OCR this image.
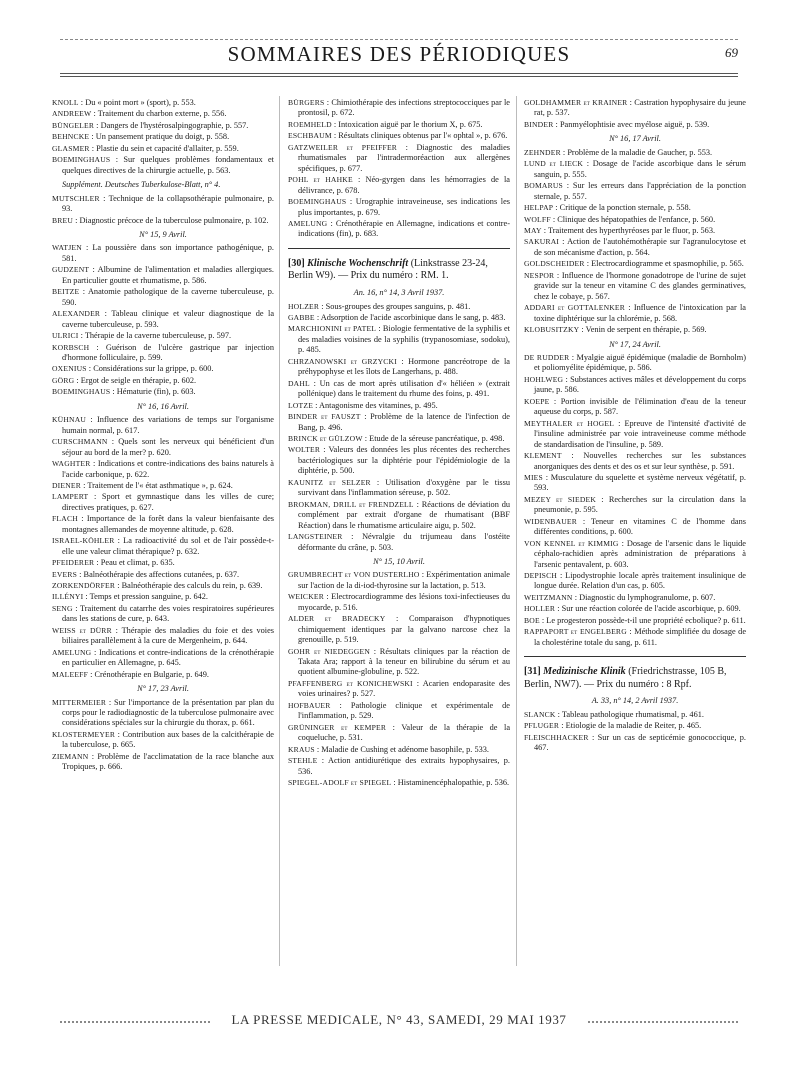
SOMMAIRES DES PÉRIODIQUES	69

KNOLL : Du « point mort » (sport), p. 553.

ANDREEW : Traitement du charbon externe, p. 556.

BÜNGELER : Dangers de l'hystérosalpingographie, p. 557.

BEHNCKE : Un pansement pratique du doigt, p. 558.

GLASMER : Plastie du sein et capacité d'allaiter, p. 559.

BOEMINGHAUS : Sur quelques problèmes fondamentaux et quelques directives de la chirurgie actuelle, p. 563.

Supplément. Deutsches Tuberkulose-Blatt, n° 4.

MUTSCHLER : Technique de la collapsothérapie pulmonaire, p. 93.

BREU : Diagnostic précoce de la tuberculose pulmonaire, p. 102.

N° 15, 9 Avril.

WATJEN : La poussière dans son importance pathogénique, p. 581.

GUDZENT : Albumine de l'alimentation et maladies allergiques. En particulier goutte et rhumatisme, p. 586.

BEITZE : Anatomie pathologique de la caverne tuberculeuse, p. 590.

ALEXANDER : Tableau clinique et valeur diagnostique de la caverne tuberculeuse, p. 593.

ULRICI : Thérapie de la caverne tuberculeuse, p. 597.

KORBSCH : Guérison de l'ulcère gastrique par injection d'hormone folliculaire, p. 599.

OXENIUS : Considérations sur la grippe, p. 600.

GÖRG : Ergot de seigle en thérapie, p. 602.

BOEMINGHAUS : Hématurie (fin), p. 603.

N° 16, 16 Avril.

KÜHNAU : Influence des variations de temps sur l'organisme humain normal, p. 617.

CURSCHMANN : Quels sont les nerveux qui bénéficient d'un séjour au bord de la mer? p. 620.

WAGHTER : Indications et contre-indications des bains naturels à l'acide carbonique, p. 622.

DIENER : Traitement de l'« état asthmatique », p. 624.

LAMPERT : Sport et gymnastique dans les villes de cure; directives pratiques, p. 627.

FLACH : Importance de la forêt dans la valeur bienfaisante des montagnes allemandes de moyenne altitude, p. 628.

ISRAEL-KÖHLER : La radioactivité du sol et de l'air possède-t-elle une valeur climat thérapique? p. 632.

PFEIDERER : Peau et climat, p. 635.

EVERS : Balnéothérapie des affections cutanées, p. 637.

ZORKENDÖRFER : Balnéothérapie des calculs du rein, p. 639.

ILLÉNYI : Temps et pression sanguine, p. 642.

SENG : Traitement du catarrhe des voies respiratoires supérieures dans les stations de cure, p. 643.

WEISS et DÜRR : Thérapie des maladies du foie et des voies biliaires parallèlement à la cure de Mergenheim, p. 644.

AMELUNG : Indications et contre-indications de la crénothérapie en particulier en Allemagne, p. 645.

MALEEFF : Crénothérapie en Bulgarie, p. 649.

N° 17, 23 Avril.

MITTERMEIER : Sur l'importance de la présentation par plan du corps pour le radiodiagnostic de la tuberculose pulmonaire avec considérations spéciales sur la chirurgie du thorax, p. 661.

KLOSTERMEYER : Contribution aux bases de la calcithérapie de la tuberculose, p. 665.

ZIEMANN : Problème de l'acclimatation de la race blanche aux Tropiques, p. 666.

BÜRGERS : Chimiothérapie des infections streptococciques par le prontosil, p. 672.

ROEMHELD : Intoxication aiguë par le thorium X, p. 675.

ESCHBAUM : Résultats cliniques obtenus par l'« ophtal », p. 676.

GATZWEILER et PFEIFFER : Diagnostic des maladies rhumatismales par l'intradermoréaction aux allergènes spécifiques, p. 677.

POHL et HAHKE : Néo-gyrgen dans les hémorragies de la délivrance, p. 678.

BOEMINGHAUS : Urographie intraveineuse, ses indications les plus importantes, p. 679.

AMELUNG : Crénothérapie en Allemagne, indications et contre-indications (fin), p. 683.

[30] Klinische Wochenschrift (Linkstrasse 23-24, Berlin W9). — Prix du numéro : RM. 1.

An. 16, n° 14, 3 Avril 1937.

HOLZER : Sous-groupes des groupes sanguins, p. 481.

GABBE : Adsorption de l'acide ascorbinique dans le sang, p. 483.

MARCHIONINI et PATEL : Biologie fermentative de la syphilis et des maladies voisines de la syphilis (trypanosomiase, sodoku), p. 485.

CHRZANOWSKI et GRZYCKI : Hormone pancréotrope de la préhypophyse et les îlots de Langerhans, p. 488.

DAHL : Un cas de mort après utilisation d'« héliéen » (extrait pollénique) dans le traitement du rhume des foins, p. 491.

LOTZE : Antagonisme des vitamines, p. 495.

BINDER et FAUSZT : Problème de la latence de l'infection de Bang, p. 496.

BRINCK et GÜLZOW : Etude de la séreuse pancréatique, p. 498.

WOLTER : Valeurs des données les plus récentes des recherches bactériologiques sur la diphtérie pour l'épidémiologie de la diphtérie, p. 500.

KAUNITZ et SELZER : Utilisation d'oxygène par le tissu survivant dans l'inflammation séreuse, p. 502.

BROKMAN, DRILL et FRENDZELL : Réactions de déviation du complément par extrait d'organe de rhumatisant (BBF Réaction) dans le rhumatisme articulaire aigu, p. 502.

LANGSTEINER : Névralgie du trijumeau dans l'ostéite déformante du crâne, p. 503.

N° 15, 10 Avril.

GRUMBRECHT et VON DUSTERLHO : Expérimentation animale sur l'action de la di-iod-thyrosine sur la lactation, p. 513.

WEICKER : Electrocardiogramme des lésions toxi-infectieuses du myocarde, p. 516.

ALDER et BRADECKY : Comparaison d'hypnotiques chimiquement identiques par la galvano narcose chez la grenouille, p. 519.

GOHR et NIEDEGGEN : Résultats cliniques par la réaction de Takata Ara; rapport à la teneur en bilirubine du sérum et au quotient albumine-globuline, p. 522.

PFAFFENBERG et KONICHEWSKI : Acarien endoparasite des voies urinaires? p. 527.

HOFBAUER : Pathologie clinique et expérimentale de l'inflammation, p. 529.

GRÜNINGER et KEMPER : Valeur de la thérapie de la coqueluche, p. 531.

KRAUS : Maladie de Cushing et adénome basophile, p. 533.

STEHLE : Action antidiurétique des extraits hypophysaires, p. 536.

SPIEGEL-ADOLF et SPIEGEL : Histaminencéphalopathie, p. 536.

GOLDHAMMER et KRAINER : Castration hypophysaire du jeune rat, p. 537.

BINDER : Panmyélophtisie avec myélose aiguë, p. 539.

N° 16, 17 Avril.

ZEHNDER : Problème de la maladie de Gaucher, p. 553.

LUND et LIECK : Dosage de l'acide ascorbique dans le sérum sanguin, p. 555.

BOMARUS : Sur les erreurs dans l'appréciation de la ponction sternale, p. 557.

HELPAP : Critique de la ponction sternale, p. 558.

WOLFF : Clinique des hépatopathies de l'enfance, p. 560.

MAY : Traitement des hyperthyréoses par le fluor, p. 563.

SAKURAI : Action de l'autohémothérapie sur l'agranulocytose et de son mécanisme d'action, p. 564.

GOLDSCHEIDER : Electrocardiogramme et spasmophilie, p. 565.

NESPOR : Influence de l'hormone gonadotrope de l'urine de sujet gravide sur la teneur en vitamine C des glandes germinatives, chez le cobaye, p. 567.

ADDARI et GOTTALENKER : Influence de l'intoxication par la toxine diphtérique sur la chlorémie, p. 568.

KLOBUSITZKY : Venin de serpent en thérapie, p. 569.

N° 17, 24 Avril.

DE RUDDER : Myalgie aiguë épidémique (maladie de Bornholm) et poliomyélite épidémique, p. 586.

HOHLWEG : Substances actives mâles et développement du corps jaune, p. 586.

KOEPE : Portion invisible de l'élimination d'eau de la teneur aqueuse du corps, p. 587.

MEYTHALER et HOGEL : Epreuve de l'intensité d'activité de l'insuline administrée par voie intraveineuse comme méthode de standardisation de l'insuline, p. 589.

KLEMENT : Nouvelles recherches sur les substances anorganiques des dents et des os et sur leur synthèse, p. 591.

MIES : Musculature du squelette et système nerveux végétatif, p. 593.

MEZEY et SIEDEK : Recherches sur la circulation dans la pneumonie, p. 595.

WIDENBAUER : Teneur en vitamines C de l'homme dans différentes conditions, p. 600.

VON KENNEL et KIMMIG : Dosage de l'arsenic dans le liquide céphalo-rachidien après administration de préparations à l'arsenic pentavalent, p. 603.

DEPISCH : Lipodystrophie locale après traitement insulinique de longue durée. Relation d'un cas, p. 605.

WEITZMANN : Diagnostic du lymphogranulome, p. 607.

HOLLER : Sur une réaction colorée de l'acide ascorbique, p. 609.

BOE : Le progesteron possède-t-il une propriété ecbolique? p. 611.

RAPPAPORT et ENGELBERG : Méthode simplifiée du dosage de la cholestérine totale du sang, p. 611.

[31] Medizinische Klinik (Friedrichstrasse, 105 B, Berlin, NW7). — Prix du numéro : 8 Rpf.

A. 33, n° 14, 2 Avril 1937.

SLANCK : Tableau pathologique rhumatismal, p. 461.

PFLUGER : Etiologie de la maladie de Reiter, p. 465.

FLEISCHHACKER : Sur un cas de septicémie gonococcique, p. 467.

LA PRESSE MEDICALE, N° 43, SAMEDI, 29 MAI 1937
